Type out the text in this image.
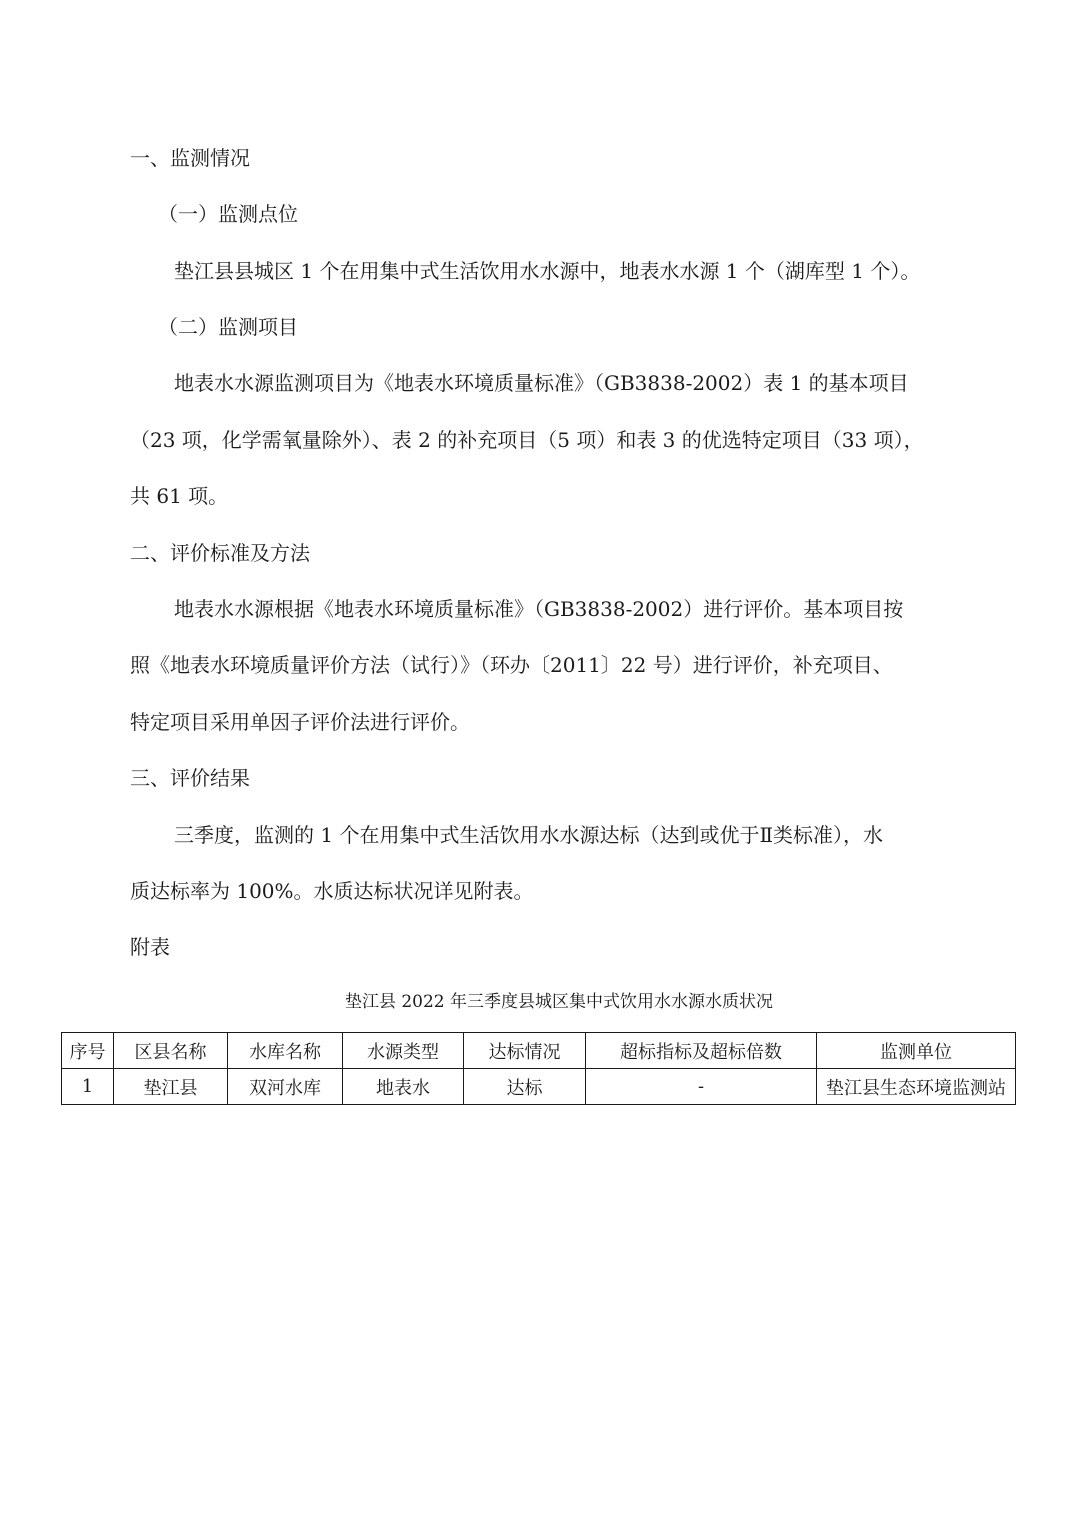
一、监测情况
（一）监测点位
垫江县县城区 1 个在用集中式生活饮用水水源中，地表水水源 1 个（湖库型 1 个）。
（二）监测项目
地表水水源监测项目为《地表水环境质量标准》（GB3838-2002）表 1 的基本项目
（23 项，化学需氧量除外）、表 2 的补充项目（5 项）和表 3 的优选特定项目（33 项），
共 61 项。
二、评价标准及方法
地表水水源根据《地表水环境质量标准》（GB3838-2002）进行评价。基本项目按
照《地表水环境质量评价方法（试行）》（环办〔2011〕22 号）进行评价，补充项目、
特定项目采用单因子评价法进行评价。
三、评价结果
三季度，监测的 1 个在用集中式生活饮用水水源达标（达到或优于Ⅱ类标准），水
质达标率为 100%。水质达标状况详见附表。
附表
垫江县 2022 年三季度县城区集中式饮用水水源水质状况
序号	区县名称	水库名称	水源类型	达标情况	超标指标及超标倍数	监测单位
1	垫江县	双河水库	地表水	达标	-	垫江县生态环境监测站
